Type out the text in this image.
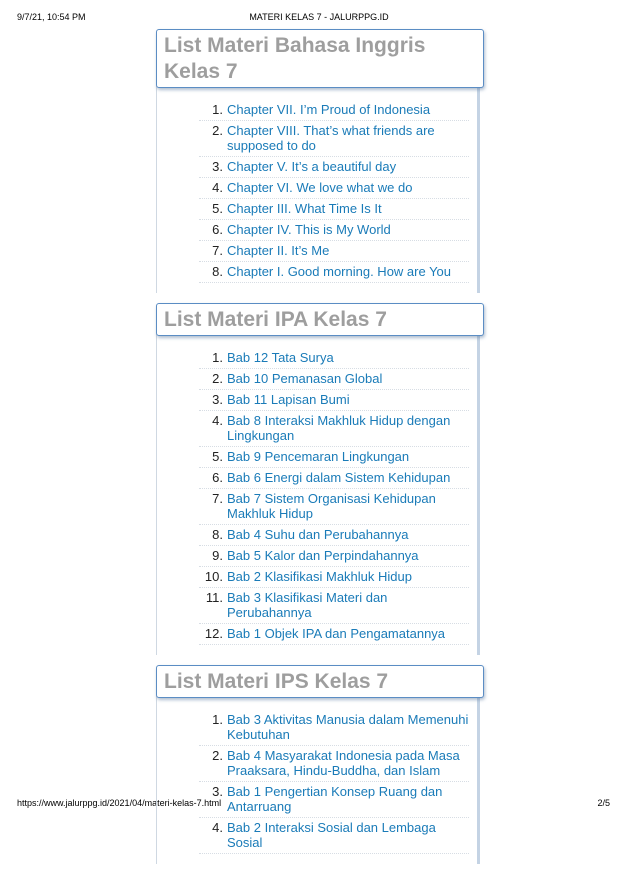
9/7/21, 10:54 PM	MATERI KELAS 7 - JALURPPG.ID
List Materi Bahasa Inggris Kelas 7
1. Chapter VII. I’m Proud of Indonesia
2. Chapter VIII. That’s what friends are supposed to do
3. Chapter V. It’s a beautiful day
4. Chapter VI. We love what we do
5. Chapter III. What Time Is It
6. Chapter IV. This is My World
7. Chapter II. It’s Me
8. Chapter I. Good morning. How are You
List Materi IPA Kelas 7
1. Bab 12 Tata Surya
2. Bab 10 Pemanasan Global
3. Bab 11 Lapisan Bumi
4. Bab 8 Interaksi Makhluk Hidup dengan Lingkungan
5. Bab 9 Pencemaran Lingkungan
6. Bab 6 Energi dalam Sistem Kehidupan
7. Bab 7 Sistem Organisasi Kehidupan Makhluk Hidup
8. Bab 4 Suhu dan Perubahannya
9. Bab 5 Kalor dan Perpindahannya
10. Bab 2 Klasifikasi Makhluk Hidup
11. Bab 3 Klasifikasi Materi dan Perubahannya
12. Bab 1 Objek IPA dan Pengamatannya
List Materi IPS Kelas 7
1. Bab 3 Aktivitas Manusia dalam Memenuhi Kebutuhan
2. Bab 4 Masyarakat Indonesia pada Masa Praaksara, Hindu-Buddha, dan Islam
3. Bab 1 Pengertian Konsep Ruang dan Antarruang
4. Bab 2 Interaksi Sosial dan Lembaga Sosial
https://www.jalurppg.id/2021/04/materi-kelas-7.html	2/5
